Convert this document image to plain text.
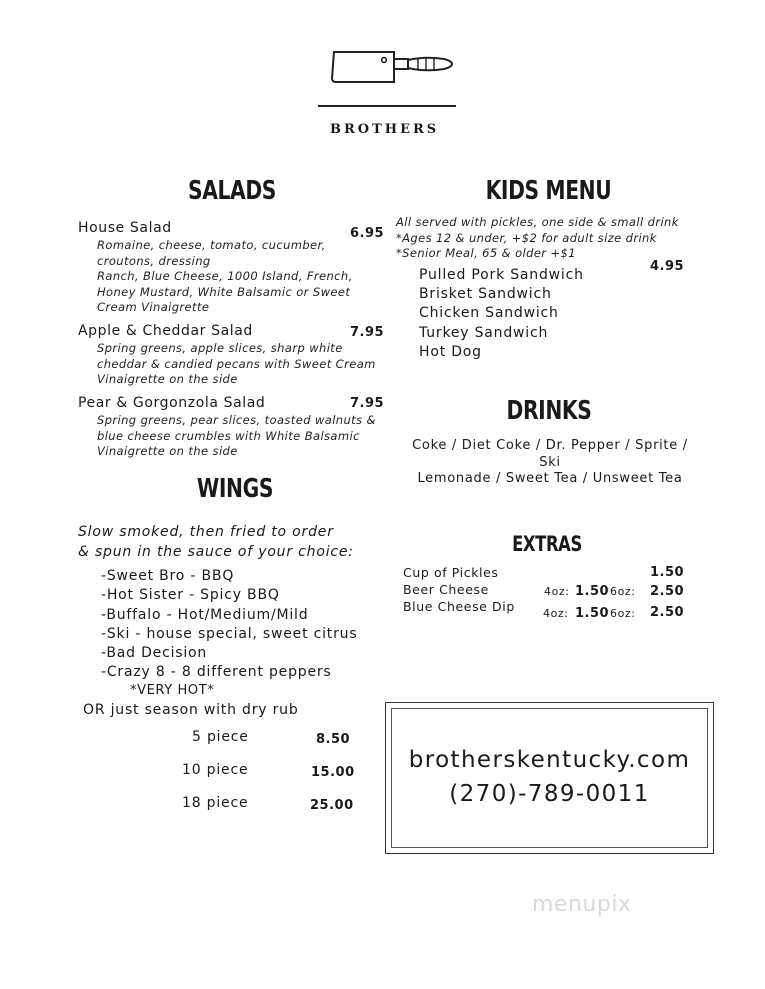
BROTHERS
SALADS
House Salad	6.95
Romaine, cheese, tomato, cucumber,
croutons, dressing
Ranch, Blue Cheese, 1000 Island, French,
Honey Mustard, White Balsamic or Sweet
Cream Vinaigrette
Apple & Cheddar Salad	7.95
Spring greens, apple slices, sharp white
cheddar & candied pecans with Sweet Cream
Vinaigrette on the side
Pear & Gorgonzola Salad	7.95
Spring greens, pear slices, toasted walnuts &
blue cheese crumbles with White Balsamic
Vinaigrette on the side
WINGS
Slow smoked, then fried to order
& spun in the sauce of your choice:
-Sweet Bro - BBQ
-Hot Sister - Spicy BBQ
-Buffalo - Hot/Medium/Mild
-Ski - house special, sweet citrus
-Bad Decision
-Crazy 8 - 8 different peppers
*VERY HOT*
OR just season with dry rub
5 piece	8.50
10 piece	15.00
18 piece	25.00
KIDS MENU
All served with pickles, one side & small drink
*Ages 12 & under, +$2 for adult size drink
*Senior Meal, 65 & older +$1
4.95
Pulled Pork Sandwich
Brisket Sandwich
Chicken Sandwich
Turkey Sandwich
Hot Dog
DRINKS
Coke / Diet Coke / Dr. Pepper / Sprite /
Ski
Lemonade / Sweet Tea / Unsweet Tea
EXTRAS
Cup of Pickles	1.50
Beer Cheese	4oz: 1.50 6oz: 2.50
Blue Cheese Dip	4oz: 1.50 6oz: 2.50
brotherskentucky.com
(270)-789-0011
menupix
